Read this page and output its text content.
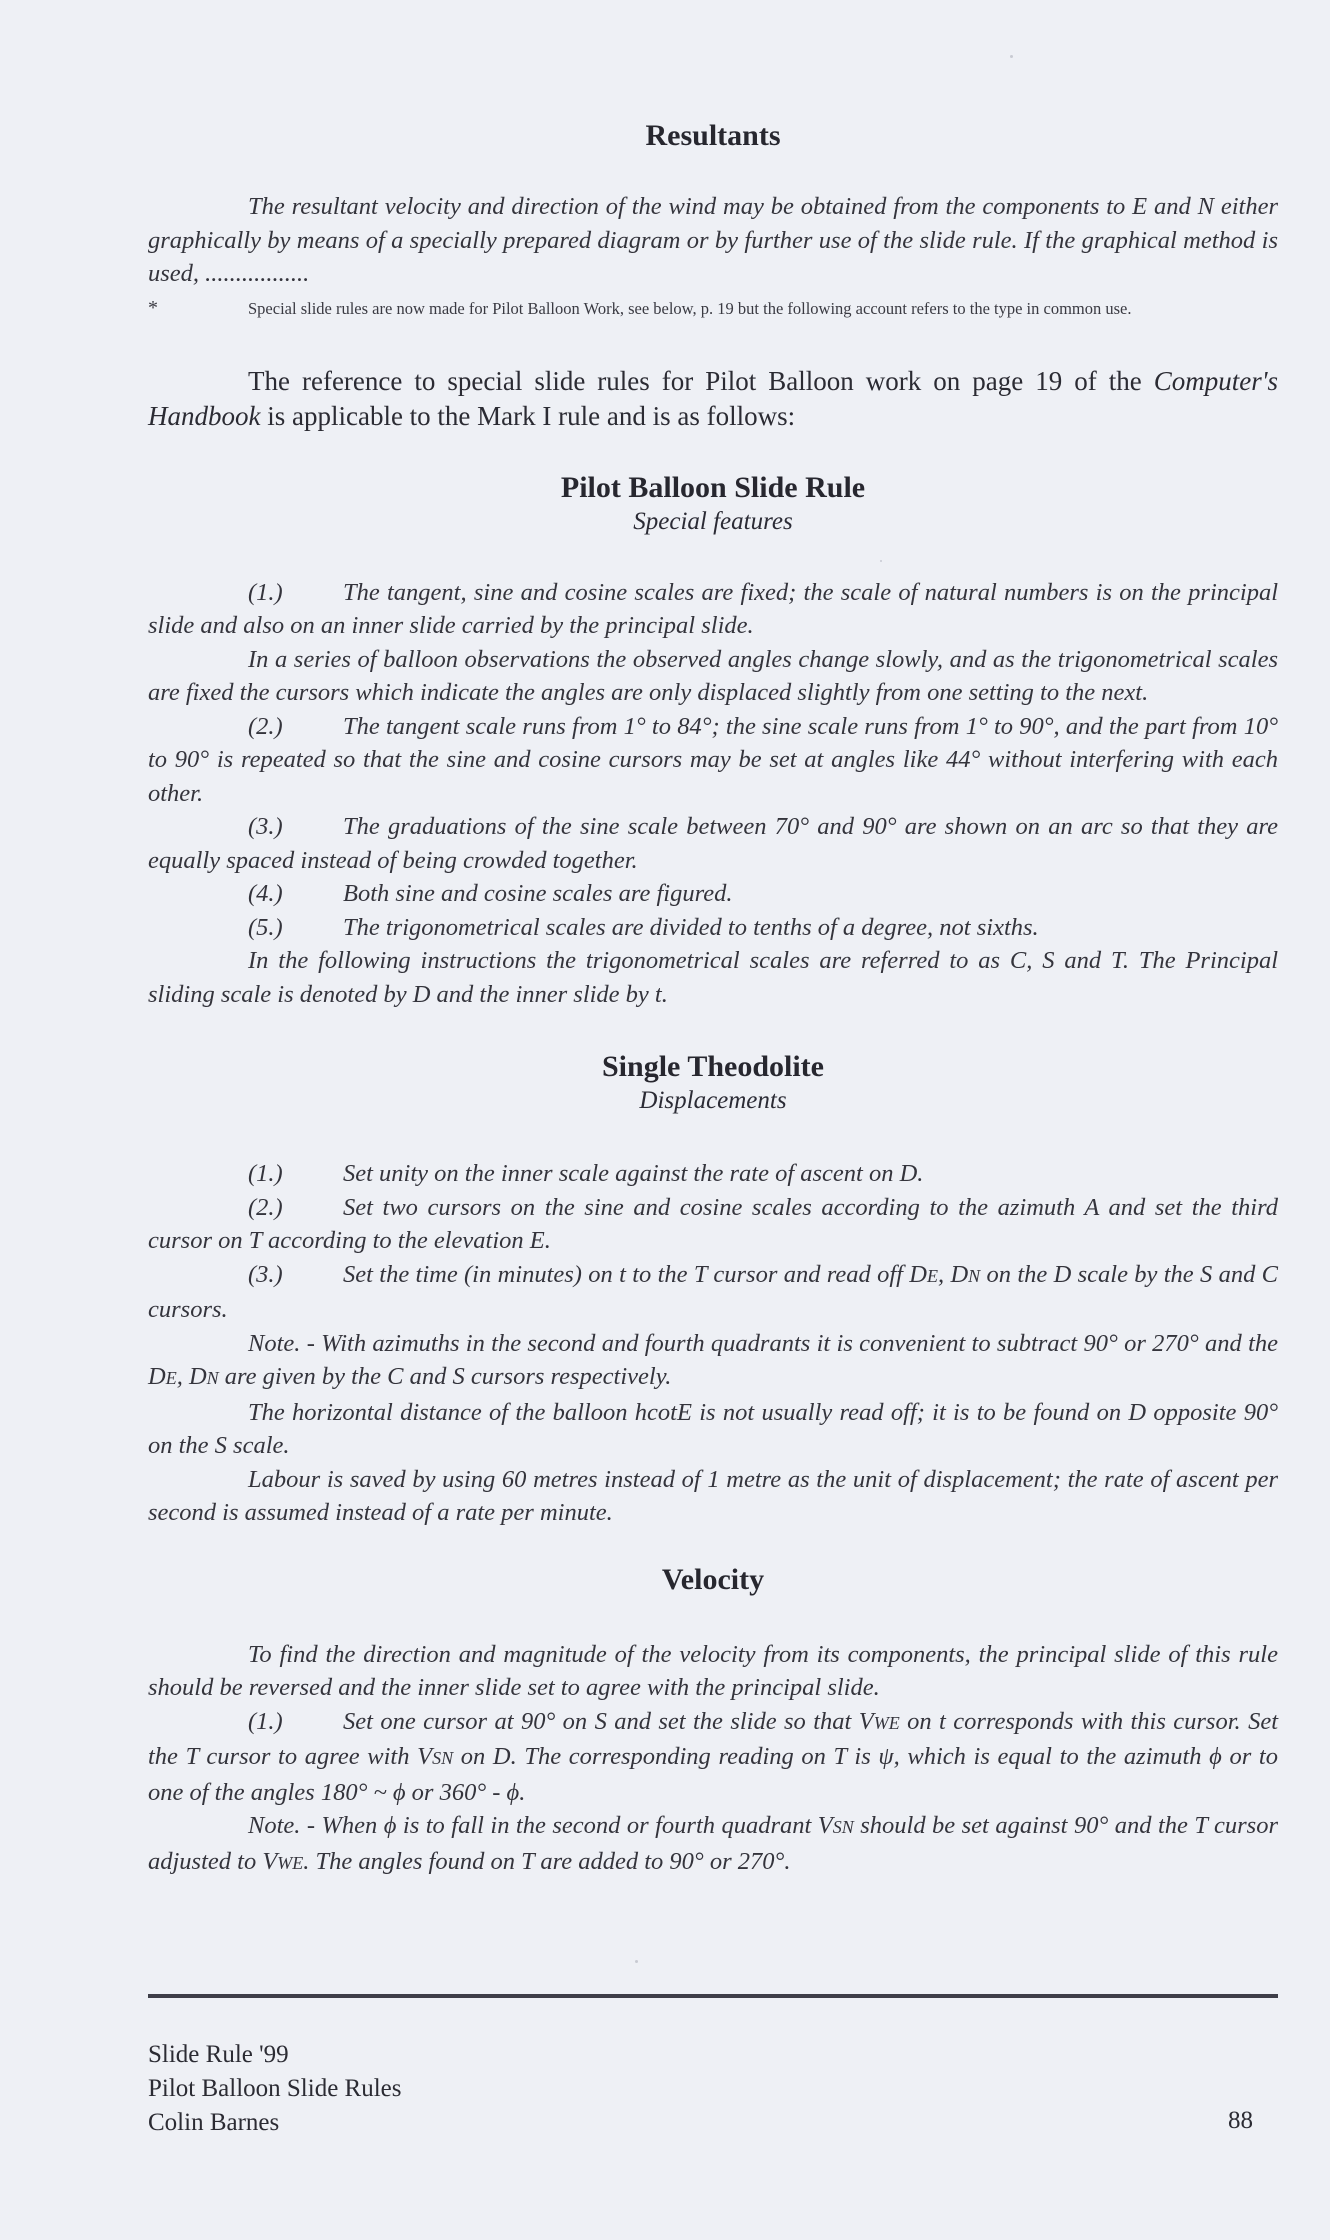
Resultants

The resultant velocity and direction of the wind may be obtained from the components to E and N either graphically by means of a specially prepared diagram or by further use of the slide rule. If the graphical method is used, .................

*	Special slide rules are now made for Pilot Balloon Work, see below, p. 19 but the following account refers to the type in common use.

The reference to special slide rules for Pilot Balloon work on page 19 of the Computer's Handbook is applicable to the Mark I rule and is as follows:

Pilot Balloon Slide Rule

Special features

(1.) The tangent, sine and cosine scales are fixed; the scale of natural numbers is on the principal slide and also on an inner slide carried by the principal slide.

In a series of balloon observations the observed angles change slowly, and as the trigonometrical scales are fixed the cursors which indicate the angles are only displaced slightly from one setting to the next.

(2.) The tangent scale runs from 1° to 84°; the sine scale runs from 1° to 90°, and the part from 10° to 90° is repeated so that the sine and cosine cursors may be set at angles like 44° without interfering with each other.

(3.) The graduations of the sine scale between 70° and 90° are shown on an arc so that they are equally spaced instead of being crowded together.

(4.) Both sine and cosine scales are figured.

(5.) The trigonometrical scales are divided to tenths of a degree, not sixths.

In the following instructions the trigonometrical scales are referred to as C, S and T. The Principal sliding scale is denoted by D and the inner slide by t.

Single Theodolite

Displacements

(1.) Set unity on the inner scale against the rate of ascent on D.

(2.) Set two cursors on the sine and cosine scales according to the azimuth A and set the third cursor on T according to the elevation E.

(3.) Set the time (in minutes) on t to the T cursor and read off DE, DN on the D scale by the S and C cursors.

Note. - With azimuths in the second and fourth quadrants it is convenient to subtract 90° or 270° and the DE, DN are given by the C and S cursors respectively.

The horizontal distance of the balloon hcotE is not usually read off; it is to be found on D opposite 90° on the S scale.

Labour is saved by using 60 metres instead of 1 metre as the unit of displacement; the rate of ascent per second is assumed instead of a rate per minute.

Velocity

To find the direction and magnitude of the velocity from its components, the principal slide of this rule should be reversed and the inner slide set to agree with the principal slide.

(1.) Set one cursor at 90° on S and set the slide so that VWE on t corresponds with this cursor. Set the T cursor to agree with VSN on D. The corresponding reading on T is ψ, which is equal to the azimuth ϕ or to one of the angles 180° ~ ϕ or 360° - ϕ.

Note. - When ϕ is to fall in the second or fourth quadrant VSN should be set against 90° and the T cursor adjusted to VWE. The angles found on T are added to 90° or 270°.

Slide Rule '99
Pilot Balloon Slide Rules
Colin Barnes	88
